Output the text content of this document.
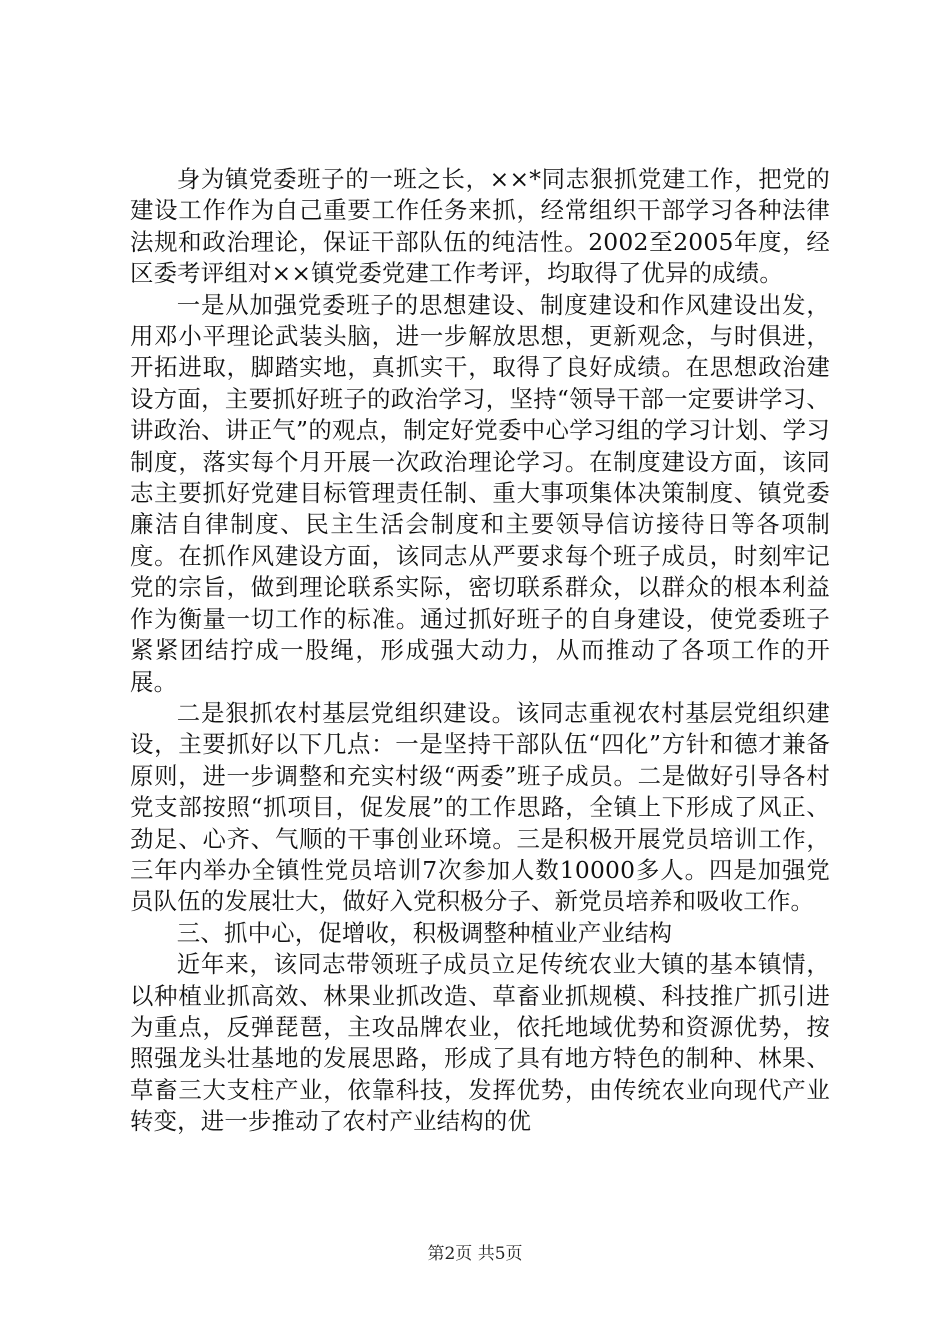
身为镇党委班子的一班之长，××*同志狠抓党建工作，把党的建设工作作为自己重要工作任务来抓，经常组织干部学习各种法律法规和政治理论，保证干部队伍的纯洁性。2002至2005年度，经区委考评组对××镇党委党建工作考评，均取得了优异的成绩。

一是从加强党委班子的思想建设、制度建设和作风建设出发，用邓小平理论武装头脑，进一步解放思想，更新观念，与时俱进，开拓进取，脚踏实地，真抓实干，取得了良好成绩。在思想政治建设方面，主要抓好班子的政治学习，坚持“领导干部一定要讲学习、讲政治、讲正气”的观点，制定好党委中心学习组的学习计划、学习制度，落实每个月开展一次政治理论学习。在制度建设方面，该同志主要抓好党建目标管理责任制、重大事项集体决策制度、镇党委廉洁自律制度、民主生活会制度和主要领导信访接待日等各项制度。在抓作风建设方面，该同志从严要求每个班子成员，时刻牢记党的宗旨，做到理论联系实际，密切联系群众，以群众的根本利益作为衡量一切工作的标准。通过抓好班子的自身建设，使党委班子紧紧团结拧成一股绳，形成强大动力，从而推动了各项工作的开展。

二是狠抓农村基层党组织建设。该同志重视农村基层党组织建设，主要抓好以下几点：一是坚持干部队伍“四化”方针和德才兼备原则，进一步调整和充实村级“两委”班子成员。二是做好引导各村党支部按照“抓项目，促发展”的工作思路，全镇上下形成了风正、劲足、心齐、气顺的干事创业环境。三是积极开展党员培训工作，三年内举办全镇性党员培训7次参加人数10000多人。四是加强党员队伍的发展壮大，做好入党积极分子、新党员培养和吸收工作。

三、抓中心，促增收，积极调整种植业产业结构

近年来，该同志带领班子成员立足传统农业大镇的基本镇情，以种植业抓高效、林果业抓改造、草畜业抓规模、科技推广抓引进为重点，反弹琵琶，主攻品牌农业，依托地域优势和资源优势，按照强龙头壮基地的发展思路，形成了具有地方特色的制种、林果、草畜三大支柱产业，依靠科技，发挥优势，由传统农业向现代产业转变，进一步推动了农村产业结构的优

第2页 共5页
